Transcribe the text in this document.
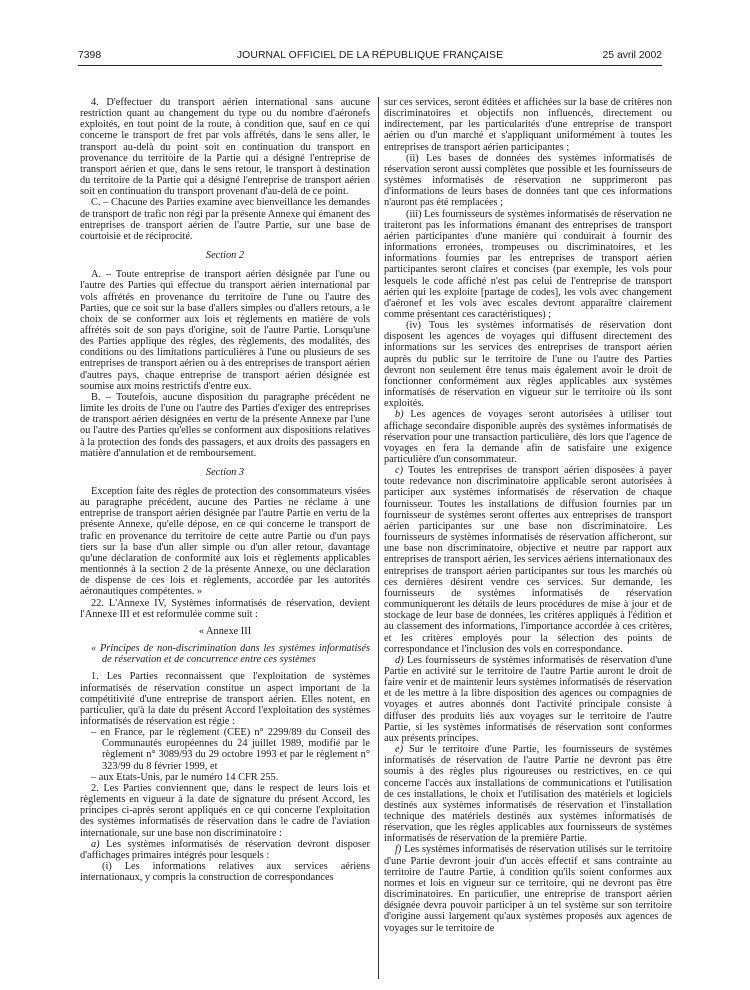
7398	JOURNAL OFFICIEL DE LA RÉPUBLIQUE FRANÇAISE	25 avril 2002

4. D'effectuer du transport aérien international sans aucune restriction quant au changement du type ou du nombre d'aéronefs exploités, en tout point de la route, à condition que, sauf en ce qui concerne le transport de fret par vols affrétés, dans le sens aller, le transport au-delà du point soit en continuation du transport en provenance du territoire de la Partie qui a désigné l'entreprise de transport aérien et que, dans le sens retour, le transport à destination du territoire de la Partie qui a désigné l'entreprise de transport aérien soit en continuation du transport provenant d'au-delà de ce point.

C. – Chacune des Parties examine avec bienveillance les demandes de transport de trafic non régi par la présente Annexe qui émanent des entreprises de transport aérien de l'autre Partie, sur une base de courtoisie et de réciprocité.

Section 2

A. – Toute entreprise de transport aérien désignée par l'une ou l'autre des Parties qui effectue du transport aérien international par vols affrétés en provenance du territoire de l'une ou l'autre des Parties, que ce soit sur la base d'allers simples ou d'allers retours, a le choix de se conformer aux lois et règlements en matière de vols affrétés soit de son pays d'origine, soit de l'autre Partie. Lorsqu'une des Parties applique des règles, des règlements, des modalités, des conditions ou des limitations particulières à l'une ou plusieurs de ses entreprises de transport aérien ou à des entreprises de transport aérien d'autres pays, chaque entreprise de transport aérien désignée est soumise aux moins restrictifs d'entre eux.

B. – Toutefois, aucune disposition du paragraphe précédent ne limite les droits de l'une ou l'autre des Parties d'exiger des entreprises de transport aérien désignées en vertu de la présente Annexe par l'une ou l'autre des Parties qu'elles se conforment aux dispositions relatives à la protection des fonds des passagers, et aux droits des passagers en matière d'annulation et de remboursement.

Section 3

Exception faite des règles de protection des consommateurs visées au paragraphe précédent, aucune des Parties ne réclame à une entreprise de transport aérien désignée par l'autre Partie en vertu de la présente Annexe, qu'elle dépose, en ce qui concerne le transport de trafic en provenance du territoire de cette autre Partie ou d'un pays tiers sur la base d'un aller simple ou d'un aller retour, davantage qu'une déclaration de conformité aux lois et règlements applicables mentionnés à la section 2 de la présente Annexe, ou une déclaration de dispense de ces lois et règlements, accordée par les autorités aéronautiques compétentes. »

22. L'Annexe IV, Systèmes informatisés de réservation, devient l'Annexe III et est reformulée comme suit :

« Annexe III

« Principes de non-discrimination dans les systèmes informatisés de réservation et de concurrence entre ces systèmes

1. Les Parties reconnaissent que l'exploitation de systèmes informatisés de réservation constitue un aspect important de la compétitivité d'une entreprise de transport aérien. Elles notent, en particulier, qu'à la date du présent Accord l'exploitation des systèmes informatisés de réservation est régie :

– en France, par le règlement (CEE) n° 2299/89 du Conseil des Communautés européennes du 24 juillet 1989, modifié par le règlement n° 3089/93 du 29 octobre 1993 et par le règlement n° 323/99 du 8 février 1999, et

– aux Etats-Unis, par le numéro 14 CFR 255.

2. Les Parties conviennent que, dans le respect de leurs lois et règlements en vigueur à la date de signature du présent Accord, les principes ci-après seront appliqués en ce qui concerne l'exploitation des systèmes informatisés de réservation dans le cadre de l'aviation internationale, sur une base non discriminatoire :

a) Les systèmes informatisés de réservation devront disposer d'affichages primaires intégrés pour lesquels :

(i) Les informations relatives aux services aériens internationaux, y compris la construction de correspondances

sur ces services, seront éditées et affichées sur la base de critères non discriminatoires et objectifs non influencés, directement ou indirectement, par les particularités d'une entreprise de transport aérien ou d'un marché et s'appliquant uniformément à toutes les entreprises de transport aérien participantes ;

(ii) Les bases de données des systèmes informatisés de réservation seront aussi complètes que possible et les fournisseurs de systèmes informatisés de réservation ne supprimeront pas d'informations de leurs bases de données tant que ces informations n'auront pas été remplacées ;

(iii) Les fournisseurs de systèmes informatisés de réservation ne traiteront pas les informations émanant des entreprises de transport aérien participantes d'une manière qui conduirait à fournir des informations erronées, trompeuses ou discriminatoires, et les informations fournies par les entreprises de transport aérien participantes seront claires et concises (par exemple, les vols pour lesquels le code affiché n'est pas celui de l'entreprise de transport aérien qui les exploite [partage de codes], les vols avec changement d'aéronef et les vols avec escales devront apparaître clairement comme présentant ces caractéristiques) ;

(iv) Tous les systèmes informatisés de réservation dont disposent les agences de voyages qui diffusent directement des informations sur les services des entreprises de transport aérien auprès du public sur le territoire de l'une ou l'autre des Parties devront non seulement être tenus mais également avoir le droit de fonctionner conformément aux règles applicables aux systèmes informatisés de réservation en vigueur sur le territoire où ils sont exploités.

b) Les agences de voyages seront autorisées à utiliser tout affichage secondaire disponible auprès des systèmes informatisés de réservation pour une transaction particulière, dès lors que l'agence de voyages en fera la demande afin de satisfaire une exigence particulière d'un consommateur.

c) Toutes les entreprises de transport aérien disposées à payer toute redevance non discriminatoire applicable seront autorisées à participer aux systèmes informatisés de réservation de chaque fournisseur. Toutes les installations de diffusion fournies par un fournisseur de systèmes seront offertes aux entreprises de transport aérien participantes sur une base non discriminatoire. Les fournisseurs de systèmes informatisés de réservation afficheront, sur une base non discriminatoire, objective et neutre par rapport aux entreprises de transport aérien, les services aériens internationaux des entreprises de transport aérien participantes sur tous les marchés où ces dernières désirent vendre ces services. Sur demande, les fournisseurs de systèmes informatisés de réservation communiqueront les détails de leurs procédures de mise à jour et de stockage de leur base de données, les critères appliqués à l'édition et au classement des informations, l'importance accordée à ces critères, et les critères employés pour la sélection des points de correspondance et l'inclusion des vols en correspondance.

d) Les fournisseurs de systèmes informatisés de réservation d'une Partie en activité sur le territoire de l'autre Partie auront le droit de faire venir et de maintenir leurs systèmes informatisés de réservation et de les mettre à la libre disposition des agences ou compagnies de voyages et autres abonnés dont l'activité principale consiste à diffuser des produits liés aux voyages sur le territoire de l'autre Partie, si les systèmes informatisés de réservation sont conformes aux présents principes.

e) Sur le territoire d'une Partie, les fournisseurs de systèmes informatisés de réservation de l'autre Partie ne devront pas être soumis à des règles plus rigoureuses ou restrictives, en ce qui concerne l'accès aux installations de communications et l'utilisation de ces installations, le choix et l'utilisation des matériels et logiciels destinés aux systèmes informatisés de réservation et l'installation technique des matériels destinés aux systèmes informatisés de réservation, que les règles applicables aux fournisseurs de systèmes informatisés de réservation de la première Partie.

f) Les systèmes informatisés de réservation utilisés sur le territoire d'une Partie devront jouir d'un accès effectif et sans contrainte au territoire de l'autre Partie, à condition qu'ils soient conformes aux normes et lois en vigueur sur ce territoire, qui ne devront pas être discriminatoires. En particulier, une entreprise de transport aérien désignée devra pouvoir participer à un tel système sur son territoire d'origine aussi largement qu'aux systèmes proposés aux agences de voyages sur le territoire de
